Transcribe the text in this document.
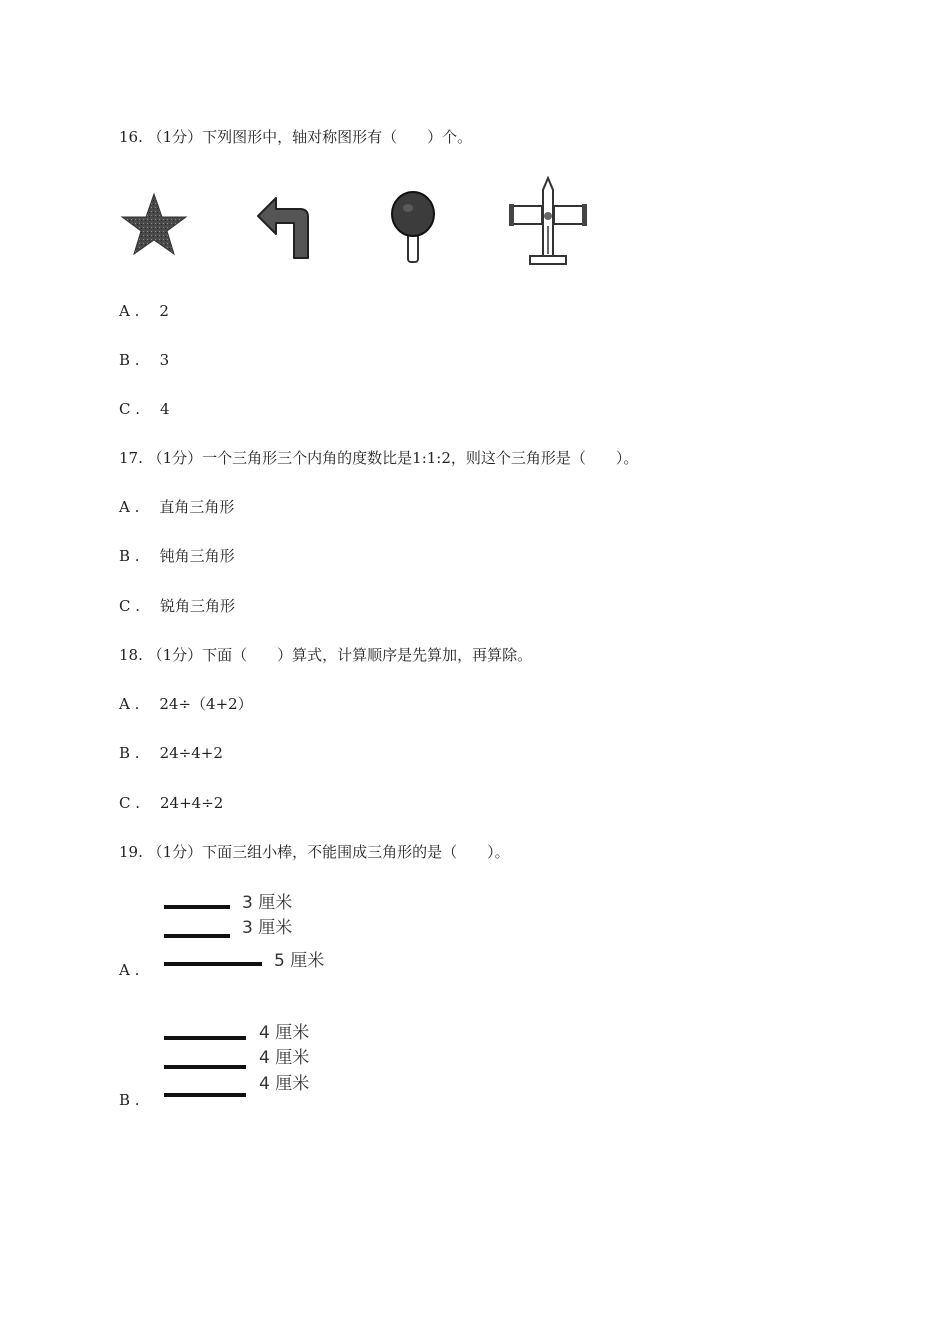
16. （1分）下列图形中，轴对称图形有（　　）个。
A . 2
B . 3
C . 4
17. （1分）一个三角形三个内角的度数比是1:1:2，则这个三角形是（　　）。
A . 直角三角形
B . 钝角三角形
C . 锐角三角形
18. （1分）下面（　　）算式，计算顺序是先算加，再算除。
A . 24÷（4+2）
B . 24÷4+2
C . 24+4÷2
19. （1分）下面三组小棒，不能围成三角形的是（　　）。
3 厘米
3 厘米
5 厘米
A .
4 厘米
4 厘米
4 厘米
B .
